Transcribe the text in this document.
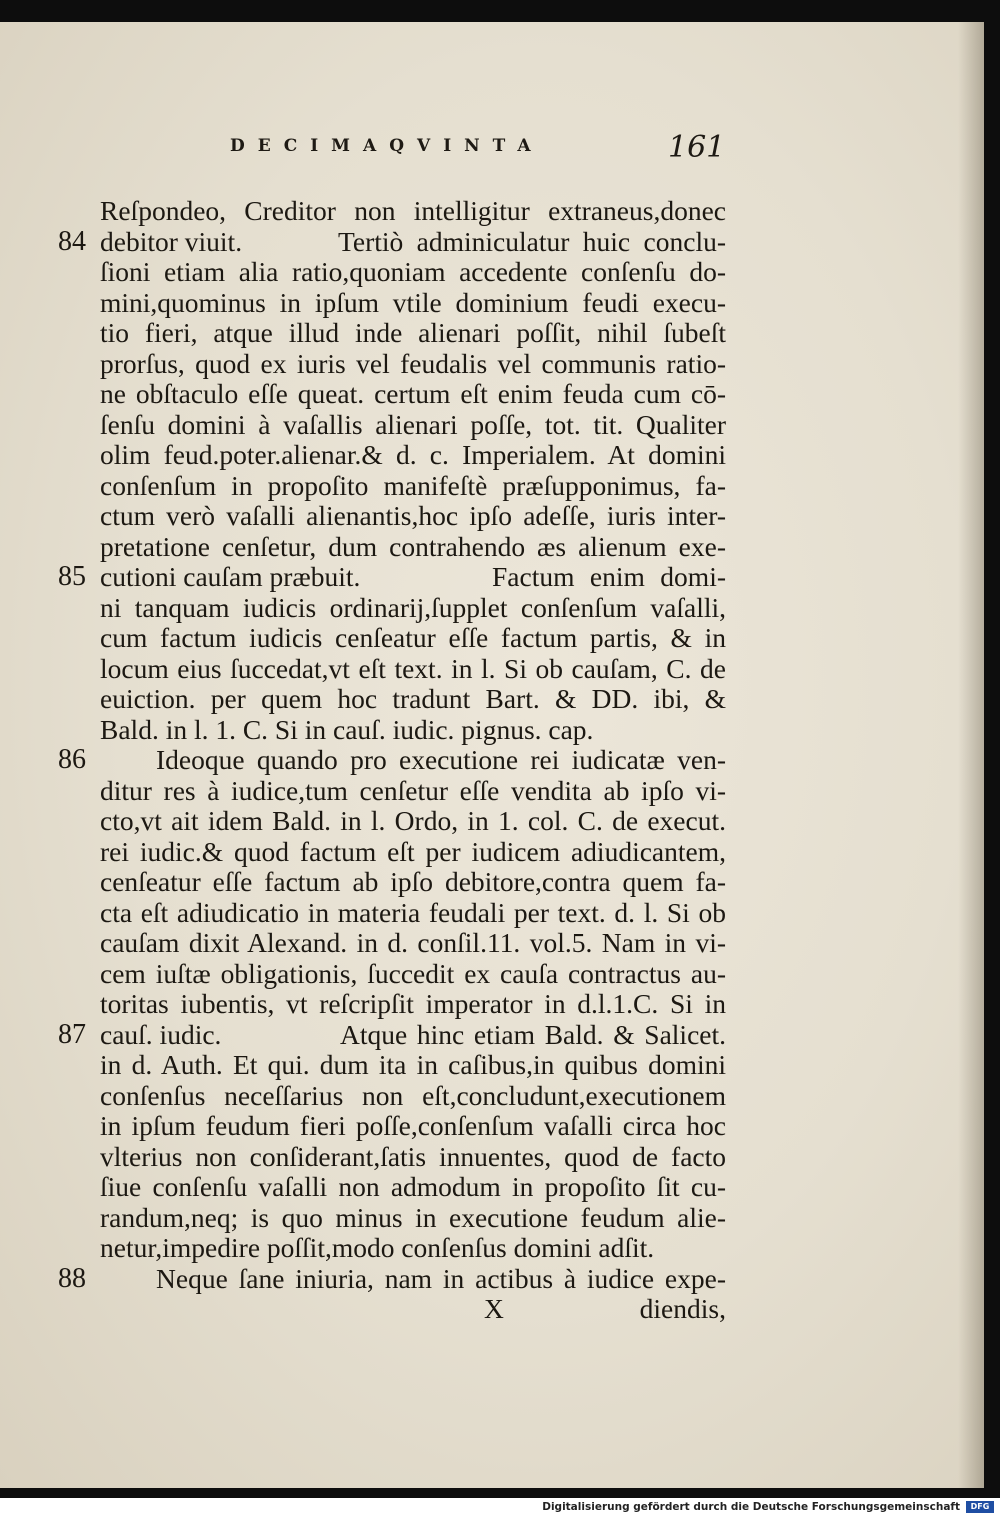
DECIMAQVINTA	161
Reſpondeo, Creditor non intelligitur extraneus,donec
84 debitor viuit.	Tertiò adminiculatur huic conclu-
ſioni etiam alia ratio,quoniam accedente conſenſu do-
mini,quominus in ipſum vtile dominium feudi execu-
tio fieri, atque illud inde alienari poſſit, nihil ſubeſt
prorſus, quod ex iuris vel feudalis vel communis ratio-
ne obſtaculo eſſe queat. certum eſt enim feuda cum cō-
ſenſu domini à vaſallis alienari poſſe, tot. tit. Qualiter
olim feud.poter.alienar.& d. c. Imperialem. At domini
conſenſum in propoſito manifeſtè præſupponimus, fa-
ctum verò vaſalli alienantis,hoc ipſo adeſſe, iuris inter-
pretatione cenſetur, dum contrahendo æs alienum exe-
85 cutioni cauſam præbuit.	Factum enim domi-
ni tanquam iudicis ordinarij,ſupplet conſenſum vaſalli,
cum factum iudicis cenſeatur eſſe factum partis, & in
locum eius ſuccedat,vt eſt text. in l. Si ob cauſam, C. de
euiction. per quem hoc tradunt Bart. & DD. ibi, &
Bald. in l. 1. C. Si in cauſ. iudic. pignus. cap.
86	Ideoque quando pro executione rei iudicatæ ven-
ditur res à iudice,tum cenſetur eſſe vendita ab ipſo vi-
cto,vt ait idem Bald. in l. Ordo, in 1. col. C. de execut.
rei iudic.& quod factum eſt per iudicem adiudicantem,
cenſeatur eſſe factum ab ipſo debitore,contra quem fa-
cta eſt adiudicatio in materia feudali per text. d. l. Si ob
cauſam dixit Alexand. in d. conſil.11. vol.5. Nam in vi-
cem iuſtæ obligationis, ſuccedit ex cauſa contractus au-
toritas iubentis, vt reſcripſit imperator in d.l.1.C. Si in
87 cauſ. iudic.	Atque hinc etiam Bald. & Salicet.
in d. Auth. Et qui. dum ita in caſibus,in quibus domini
conſenſus neceſſarius non eſt,concludunt,executionem
in ipſum feudum fieri poſſe,conſenſum vaſalli circa hoc
vlterius non conſiderant,ſatis innuentes, quod de facto
ſiue conſenſu vaſalli non admodum in propoſito ſit cu-
randum,neq; is quo minus in executione feudum alie-
netur,impedire poſſit,modo conſenſus domini adſit.
88	Neque ſane iniuria, nam in actibus à iudice expe-
X	diendis,
Digitalisierung gefördert durch die Deutsche Forschungsgemeinschaft	DFG
